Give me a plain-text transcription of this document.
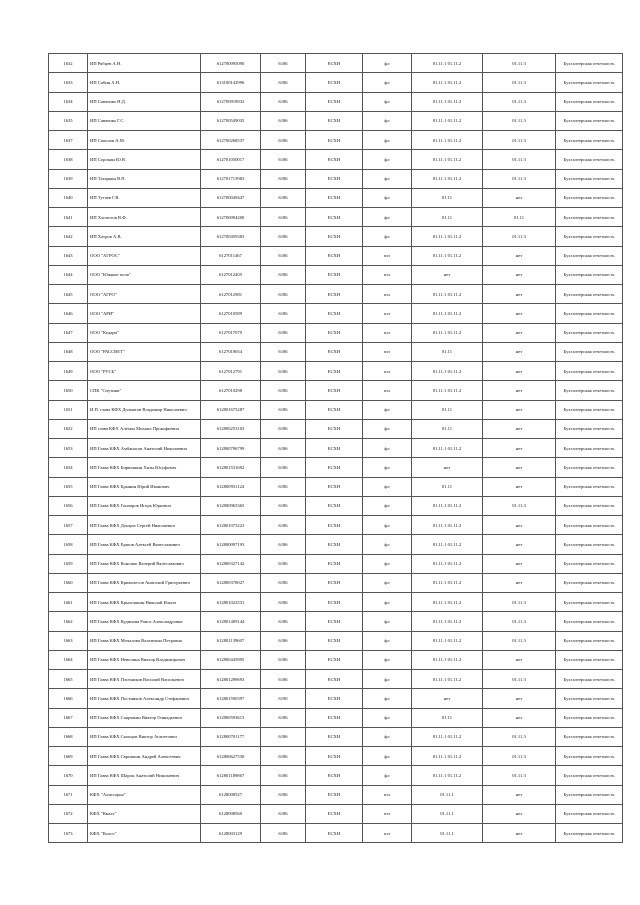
1632	ИП Рябцев А.Н.	612700095090	6186	ЕСХН	фл	01.11.1 01.11.2	01.11.3	Бухгалтерская отчетность
1633	ИП Сабин А.Н.	613100142996	6186	ЕСХН	фл	01.11.1 01.11.2	01.11.3	Бухгалтерская отчетность
1634	ИП Савченко Н.Д.	612700918932	6186	ЕСХН	фл	01.11.1 01.11.2	01.11.3	Бухгалтерская отчетность
1635	ИП Савченко Г.С.	612700549035	6186	ЕСХН	фл	01.11.1 01.11.2	01.11.3	Бухгалтерская отчетность
1637	ИП Соколов А.М.	612700268537	6186	ЕСХН	фл	01.11.1 01.11.2	01.11.3	Бухгалтерская отчетность
1638	ИП Сорокин Ю.В.	612701050017	6186	ЕСХН	фл	01.11.1 01.11.2	01.11.3	Бухгалтерская отчетность
1639	ИП Татаркин В.П.	612701713983	6186	ЕСХН	фл	01.11.1 01.11.2	01.11.3	Бухгалтерская отчетность
1640	ИП Тутаев Г.В.	612700049447	6186	ЕСХН	фл	01.11	нет	Бухгалтерская отчетность
1641	ИП Хлопотов В.Ф.	612700094200	6186	ЕСХН	фл	01.11	01.11	Бухгалтерская отчетность
1642	ИП Хатров А.В.	612700459383	6186	ЕСХН	фл	01.11.1 01.11.2	01.11.3	Бухгалтерская отчетность
1643	ООО "АГРОС"	6127011467	6186	ЕСХН	юл	01.11.1 01.11.2	нет	Бухгалтерская отчетность
1644	ООО "Южные поля"	6127012405	6186	ЕСХН	юл	нет	нет	Бухгалтерская отчетность
1645	ООО "АГРО"	6127012981	6186	ЕСХН	юл	01.11.1 01.11.2	нет	Бухгалтерская отчетность
1646	ООО "АРИ"	6127010589	6186	ЕСХН	юл	01.11.1 01.11.2	нет	Бухгалтерская отчетность
1647	ООО "Кедари"	6127017079	6186	ЕСХН	юл	01.11.1 01.11.2	нет	Бухгалтерская отчетность
1648	ООО "РАССВЕТ"	6127010654	6186	ЕСХН	юл	01.11	нет	Бухгалтерская отчетность
1649	ООО "РУСЬ"	6127012791	6186	ЕСХН	юл	01.11.1 01.11.2	нет	Бухгалтерская отчетность
1650	СПК "Спутник"	6127010298	6186	ЕСХН	юл	01.11.1 01.11.2	нет	Бухгалтерская отчетность
1651	И.П. глава КФХ Долматов Владимир Николаевич	612801675287	6186	ЕСХН	фл	01.11	нет	Бухгалтерская отчетность
1652	ИП глава КФХ Алёхин Михаил Прокофьевич	612800253103	6186	ЕСХН	фл	01.11	нет	Бухгалтерская отчетность
1653	ИП Глава КФХ Амбанасов Анатолий Николаевич	612800796799	6186	ЕСХН	фл	01.11.1 01.11.2	нет	Бухгалтерская отчетность
1654	ИП Глава КФХ Бирюшкин Хизы Юсуфович	612801531692	6186	ЕСХН	фл	нет	нет	Бухгалтерская отчетность
1655	ИП Глава КФХ Брынин Юрий Иванович	612800931124	6186	ЕСХН	фл	01.11	нет	Бухгалтерская отчетность
1656	ИП Глава КФХ Гончаров Игорь Юрьевич	612800965365	6186	ЕСХН	фл	01.11.1 01.11.2	01.11.3	Бухгалтерская отчетность
1657	ИП Глава КФХ Донцов Сергей Николаевич	612801075223	6186	ЕСХН	фл	01.11.1 01.11.2	нет	Бухгалтерская отчетность
1658	ИП Глава КФХ Ершов Алексей Вячеславович	612800097193	6186	ЕСХН	фл	01.11.1 01.11.2	нет	Бухгалтерская отчетность
1659	ИП Глава КФХ Конопко Валерий Вячеславович	612800327142	6186	ЕСХН	фл	01.11.1 01.11.2	нет	Бухгалтерская отчетность
1660	ИП Глава КФХ Криволесов Анатолий Григорьевич	612800378027	6186	ЕСХН	фл	01.11.1 01.11.2	нет	Бухгалтерская отчетность
1661	ИП Глава КФХ Крылошкин Николай Ильич	612801022531	6186	ЕСХН	фл	01.11.1 01.11.2	01.11.3	Бухгалтерская отчетность
1662	ИП Глава КФХ Кудинова Раиса Александровна	612801409144	6186	ЕСХН	фл	01.11.1 01.11.2	01.11.3	Бухгалтерская отчетность
1663	ИП Глава КФХ Мочалова Валентина Петровна	612801139607	6186	ЕСХН	фл	01.11.1 01.11.2	01.11.3	Бухгалтерская отчетность
1664	ИП Глава КФХ Неволина Виктор Владимирович	612800445895	6186	ЕСХН	фл	01.11.1 01.11.2	нет	Бухгалтерская отчетность
1665	ИП Глава КФХ Плотников Василий Васильевич	612801289693	6186	ЕСХН	фл	01.11.1 01.11.2	01.11.3	Бухгалтерская отчетность
1666	ИП Глава КФХ Постников Александр Стефанович	612801590397	6190	ЕСХН	фл	нет	нет	Бухгалтерская отчетность
1667	ИП Глава КФХ Сапрыкин Виктор Геннадьевич	612800593613	6186	ЕСХН	фл	01.11	нет	Бухгалтерская отчетность
1668	ИП Глава КФХ Скопцов Виктор Агапетович	612800701177	6186	ЕСХН	фл	01.11.1 01.11.2	01.11.3	Бухгалтерская отчетность
1669	ИП Глава КФХ Скрипкин Андрей Алексеевич	612800627530	6186	ЕСХН	фл	01.11.1 01.11.2	01.11.3	Бухгалтерская отчетность
1670	ИП Глава КФХ Шарон Анатолий Николаевич	612801189867	6186	ЕСХН	фл	01.11.1 01.11.2	01.11.3	Бухгалтерская отчетность
1671	КФХ "Алиссарья"	6128008527	6186	ЕСХН	юл	01.11.1	нет	Бухгалтерская отчетность
1672	КФХ "Кнахт"	6128008560	6186	ЕСХН	юл	01.11.1	нет	Бухгалтерская отчетность
1673	КФХ "Колос"	6128003129	6186	ЕСХН	юл	01.11.1	нет	Бухгалтерская отчетность
